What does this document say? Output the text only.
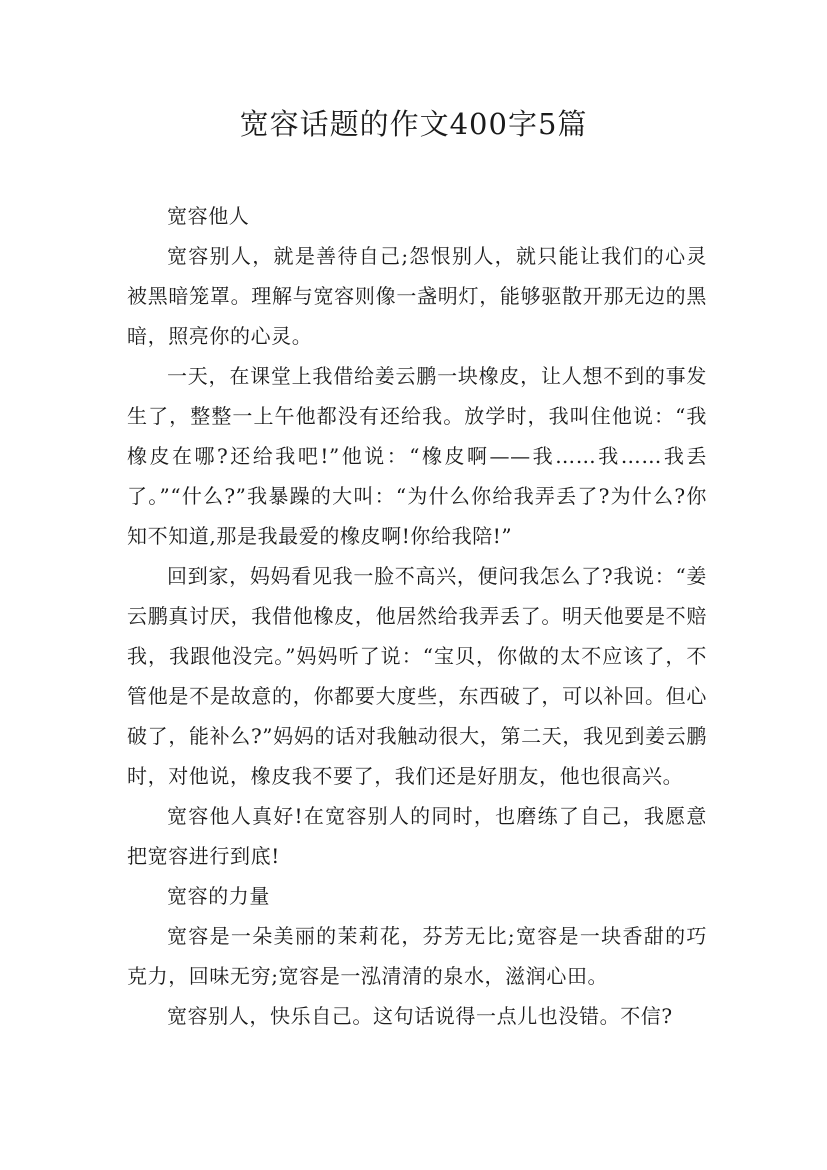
宽容话题的作文400字5篇

宽容他人

宽容别人，就是善待自己;怨恨别人，就只能让我们的心灵被黑暗笼罩。理解与宽容则像一盏明灯，能够驱散开那无边的黑暗，照亮你的心灵。

一天，在课堂上我借给姜云鹏一块橡皮，让人想不到的事发生了，整整一上午他都没有还给我。放学时，我叫住他说：“我橡皮在哪?还给我吧!”他说：“橡皮啊——我……我……我丢了。”“什么?”我暴躁的大叫：“为什么你给我弄丢了?为什么?你知不知道,那是我最爱的橡皮啊!你给我陪!”

回到家，妈妈看见我一脸不高兴，便问我怎么了?我说：“姜云鹏真讨厌，我借他橡皮，他居然给我弄丢了。明天他要是不赔我，我跟他没完。”妈妈听了说：“宝贝，你做的太不应该了，不管他是不是故意的，你都要大度些，东西破了，可以补回。但心破了，能补么?”妈妈的话对我触动很大，第二天，我见到姜云鹏时，对他说，橡皮我不要了，我们还是好朋友，他也很高兴。

宽容他人真好!在宽容别人的同时，也磨练了自己，我愿意把宽容进行到底!

宽容的力量

宽容是一朵美丽的茉莉花，芬芳无比;宽容是一块香甜的巧克力，回味无穷;宽容是一泓清清的泉水，滋润心田。

宽容别人，快乐自己。这句话说得一点儿也没错。不信?
